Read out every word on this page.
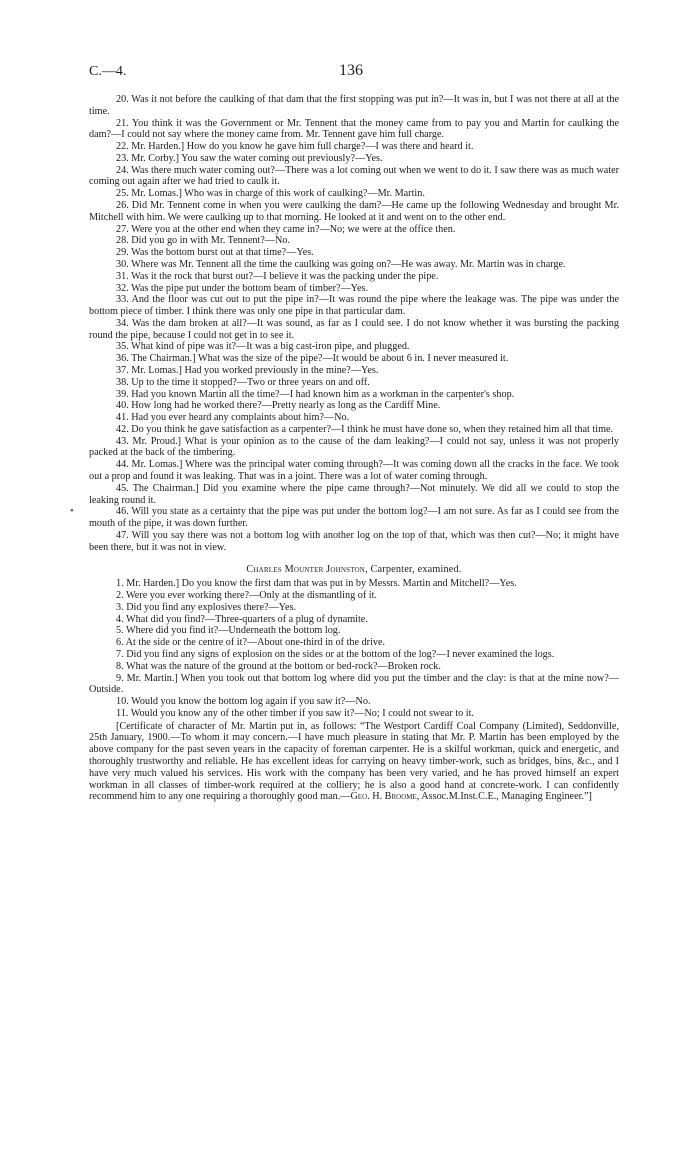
C.—4.	136

20. Was it not before the caulking of that dam that the first stopping was put in?—It was in, but I was not there at all at the time.

21. You think it was the Government or Mr. Tennent that the money came from to pay you and Martin for caulking the dam?—I could not say where the money came from. Mr. Tennent gave him full charge.

22. Mr. Harden.] How do you know he gave him full charge?—I was there and heard it.

23. Mr. Corby.] You saw the water coming out previously?—Yes.

24. Was there much water coming out?—There was a lot coming out when we went to do it. I saw there was as much water coming out again after we had tried to caulk it.

25. Mr. Lomas.] Who was in charge of this work of caulking?—Mr. Martin.

26. Did Mr. Tennent come in when you were caulking the dam?—He came up the following Wednesday and brought Mr. Mitchell with him. We were caulking up to that morning. He looked at it and went on to the other end.

27. Were you at the other end when they came in?—No; we were at the office then.

28. Did you go in with Mr. Tennent?—No.

29. Was the bottom burst out at that time?—Yes.

30. Where was Mr. Tennent all the time the caulking was going on?—He was away. Mr. Martin was in charge.

31. Was it the rock that burst out?—I believe it was the packing under the pipe.

32. Was the pipe put under the bottom beam of timber?—Yes.

33. And the floor was cut out to put the pipe in?—It was round the pipe where the leakage was. The pipe was under the bottom piece of timber. I think there was only one pipe in that particular dam.

34. Was the dam broken at all?—It was sound, as far as I could see. I do not know whether it was bursting the packing round the pipe, because I could not get in to see it.

35. What kind of pipe was it?—It was a big cast-iron pipe, and plugged.

36. The Chairman.] What was the size of the pipe?—It would be about 6 in. I never measured it.

37. Mr. Lomas.] Had you worked previously in the mine?—Yes.

38. Up to the time it stopped?—Two or three years on and off.

39. Had you known Martin all the time?—I had known him as a workman in the carpenter's shop.

40. How long had he worked there?—Pretty nearly as long as the Cardiff Mine.

41. Had you ever heard any complaints about him?—No.

42. Do you think he gave satisfaction as a carpenter?—I think he must have done so, when they retained him all that time.

43. Mr. Proud.] What is your opinion as to the cause of the dam leaking?—I could not say, unless it was not properly packed at the back of the timbering.

44. Mr. Lomas.] Where was the principal water coming through?—It was coming down all the cracks in the face. We took out a prop and found it was leaking. That was in a joint. There was a lot of water coming through.

45. The Chairman.] Did you examine where the pipe came through?—Not minutely. We did all we could to stop the leaking round it.

46. Will you state as a certainty that the pipe was put under the bottom log?—I am not sure. As far as I could see from the mouth of the pipe, it was down further.

47. Will you say there was not a bottom log with another log on the top of that, which was then cut?—No; it might have been there, but it was not in view.

Charles Mounter Johnston, Carpenter, examined.

1. Mr. Harden.] Do you know the first dam that was put in by Messrs. Martin and Mitchell?—Yes.

2. Were you ever working there?—Only at the dismantling of it.

3. Did you find any explosives there?—Yes.

4. What did you find?—Three-quarters of a plug of dynamite.

5. Where did you find it?—Underneath the bottom log.

6. At the side or the centre of it?—About one-third in of the drive.

7. Did you find any signs of explosion on the sides or at the bottom of the log?—I never examined the logs.

8. What was the nature of the ground at the bottom or bed-rock?—Broken rock.

9. Mr. Martin.] When you took out that bottom log where did you put the timber and the clay: is that at the mine now?—Outside.

10. Would you know the bottom log again if you saw it?—No.

11. Would you know any of the other timber if you saw it?—No; I could not swear to it.

[Certificate of character of Mr. Martin put in, as follows: “The Westport Cardiff Coal Company (Limited), Seddonville, 25th January, 1900.—To whom it may concern.—I have much pleasure in stating that Mr. P. Martin has been employed by the above company for the past seven years in the capacity of foreman carpenter. He is a skilful workman, quick and energetic, and thoroughly trustworthy and reliable. He has excellent ideas for carrying on heavy timber-work, such as bridges, bins, &c., and I have very much valued his services. His work with the company has been very varied, and he has proved himself an expert workman in all classes of timber-work required at the colliery; he is also a good hand at concrete-work. I can confidently recommend him to any one requiring a thoroughly good man.—Geo. H. Broome, Assoc.M.Inst.C.E., Managing Engineer.”]

•
